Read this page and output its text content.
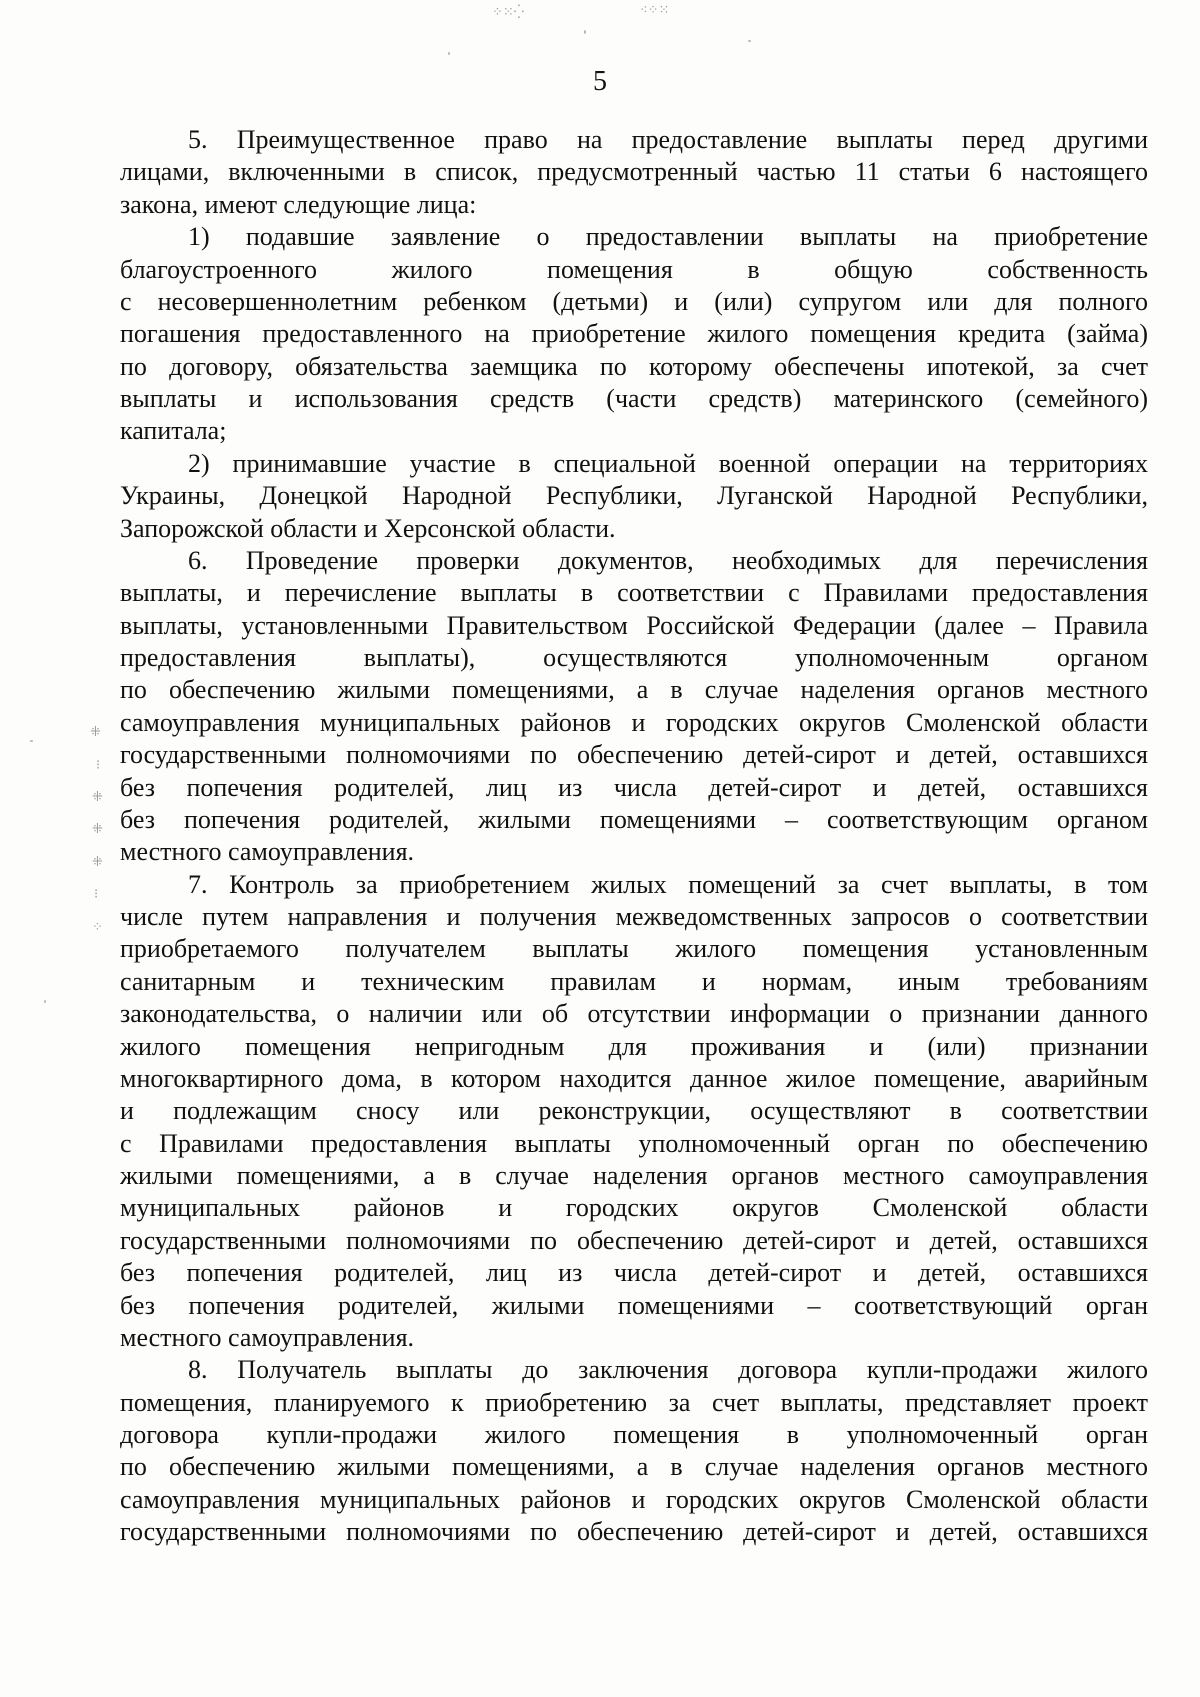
⁘⁙⁛	⁖⁘⁙
⁜
⁝
⁜
⁜
⁜
⁝
⁘
5
5. Преимущественное право на предоставление выплаты перед другими
лицами, включенными в список, предусмотренный частью 11 статьи 6 настоящего
закона, имеют следующие лица:
1) подавшие заявление о предоставлении выплаты на приобретение
благоустроенного жилого помещения в общую собственность
с несовершеннолетним ребенком (детьми) и (или) супругом или для полного
погашения предоставленного на приобретение жилого помещения кредита (займа)
по договору, обязательства заемщика по которому обеспечены ипотекой, за счет
выплаты и использования средств (части средств) материнского (семейного)
капитала;
2) принимавшие участие в специальной военной операции на территориях
Украины, Донецкой Народной Республики, Луганской Народной Республики,
Запорожской области и Херсонской области.
6. Проведение проверки документов, необходимых для перечисления
выплаты, и перечисление выплаты в соответствии с Правилами предоставления
выплаты, установленными Правительством Российской Федерации (далее – Правила
предоставления выплаты), осуществляются уполномоченным органом
по обеспечению жилыми помещениями, а в случае наделения органов местного
самоуправления муниципальных районов и городских округов Смоленской области
государственными полномочиями по обеспечению детей-сирот и детей, оставшихся
без попечения родителей, лиц из числа детей-сирот и детей, оставшихся
без попечения родителей, жилыми помещениями – соответствующим органом
местного самоуправления.
7. Контроль за приобретением жилых помещений за счет выплаты, в том
числе путем направления и получения межведомственных запросов о соответствии
приобретаемого получателем выплаты жилого помещения установленным
санитарным и техническим правилам и нормам, иным требованиям
законодательства, о наличии или об отсутствии информации о признании данного
жилого помещения непригодным для проживания и (или) признании
многоквартирного дома, в котором находится данное жилое помещение, аварийным
и подлежащим сносу или реконструкции, осуществляют в соответствии
с Правилами предоставления выплаты уполномоченный орган по обеспечению
жилыми помещениями, а в случае наделения органов местного самоуправления
муниципальных районов и городских округов Смоленской области
государственными полномочиями по обеспечению детей-сирот и детей, оставшихся
без попечения родителей, лиц из числа детей-сирот и детей, оставшихся
без попечения родителей, жилыми помещениями – соответствующий орган
местного самоуправления.
8. Получатель выплаты до заключения договора купли-продажи жилого
помещения, планируемого к приобретению за счет выплаты, представляет проект
договора купли-продажи жилого помещения в уполномоченный орган
по обеспечению жилыми помещениями, а в случае наделения органов местного
самоуправления муниципальных районов и городских округов Смоленской области
государственными полномочиями по обеспечению детей-сирот и детей, оставшихся
